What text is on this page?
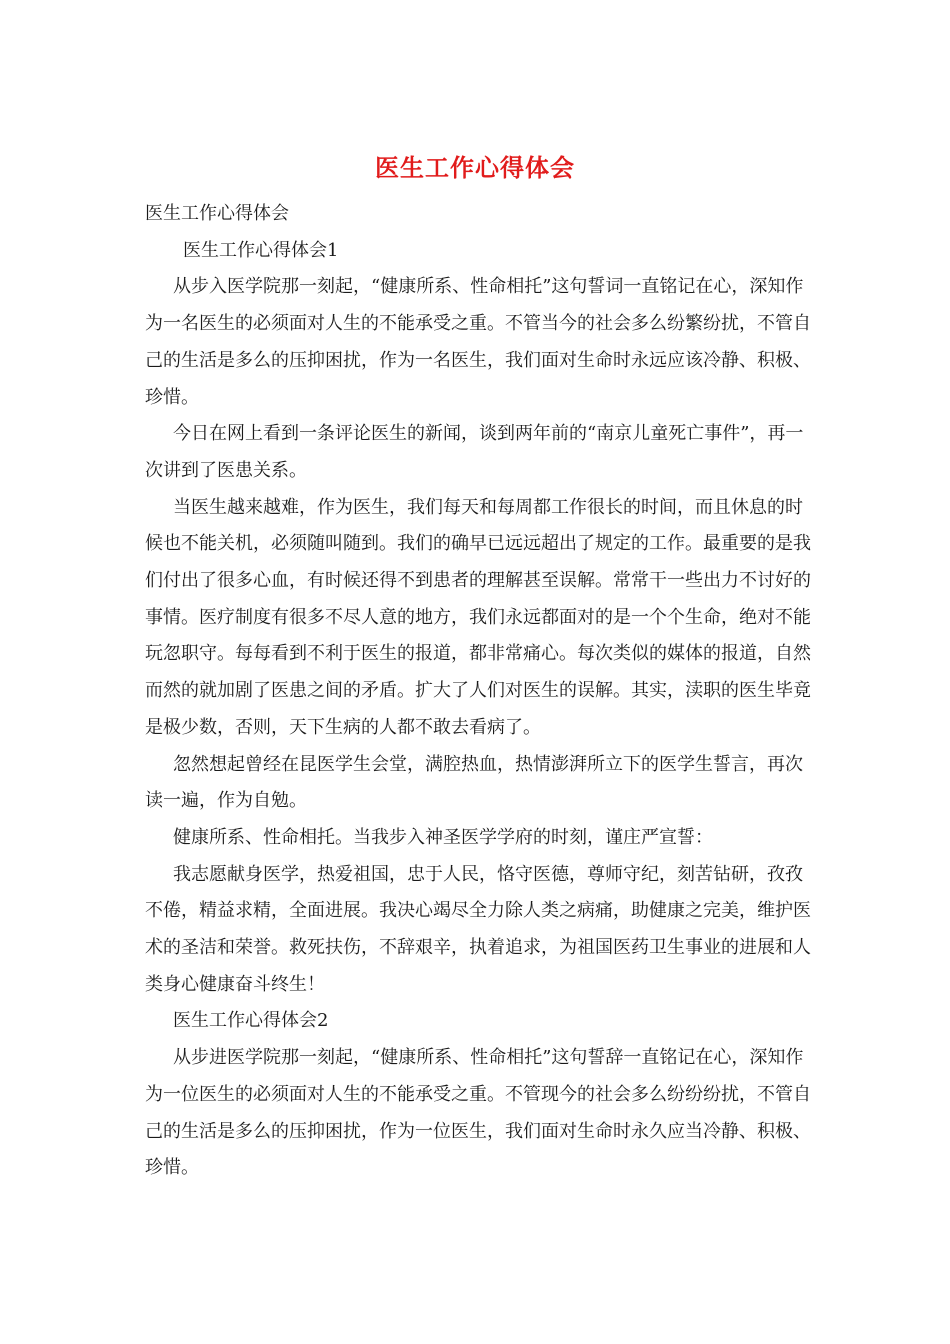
医生工作心得体会

医生工作心得体会

医生工作心得体会1

从步入医学院那一刻起，“健康所系、性命相托”这句誓词一直铭记在心，深知作为一名医生的必须面对人生的不能承受之重。不管当今的社会多么纷繁纷扰，不管自己的生活是多么的压抑困扰，作为一名医生，我们面对生命时永远应该冷静、积极、珍惜。

今日在网上看到一条评论医生的新闻，谈到两年前的“南京儿童死亡事件”，再一次讲到了医患关系。

当医生越来越难，作为医生，我们每天和每周都工作很长的时间，而且休息的时候也不能关机，必须随叫随到。我们的确早已远远超出了规定的工作。最重要的是我们付出了很多心血，有时候还得不到患者的理解甚至误解。常常干一些出力不讨好的事情。医疗制度有很多不尽人意的地方，我们永远都面对的是一个个生命，绝对不能玩忽职守。每每看到不利于医生的报道，都非常痛心。每次类似的媒体的报道，自然而然的就加剧了医患之间的矛盾。扩大了人们对医生的误解。其实，渎职的医生毕竟是极少数，否则，天下生病的人都不敢去看病了。

忽然想起曾经在昆医学生会堂，满腔热血，热情澎湃所立下的医学生誓言，再次读一遍，作为自勉。

健康所系、性命相托。当我步入神圣医学学府的时刻，谨庄严宣誓：

我志愿献身医学，热爱祖国，忠于人民，恪守医德，尊师守纪，刻苦钻研，孜孜不倦，精益求精，全面进展。我决心竭尽全力除人类之病痛，助健康之完美，维护医术的圣洁和荣誉。救死扶伤，不辞艰辛，执着追求，为祖国医药卫生事业的进展和人类身心健康奋斗终生！

医生工作心得体会2

从步进医学院那一刻起，“健康所系、性命相托”这句誓辞一直铭记在心，深知作为一位医生的必须面对人生的不能承受之重。不管现今的社会多么纷纷纷扰，不管自己的生活是多么的压抑困扰，作为一位医生，我们面对生命时永久应当冷静、积极、珍惜。
